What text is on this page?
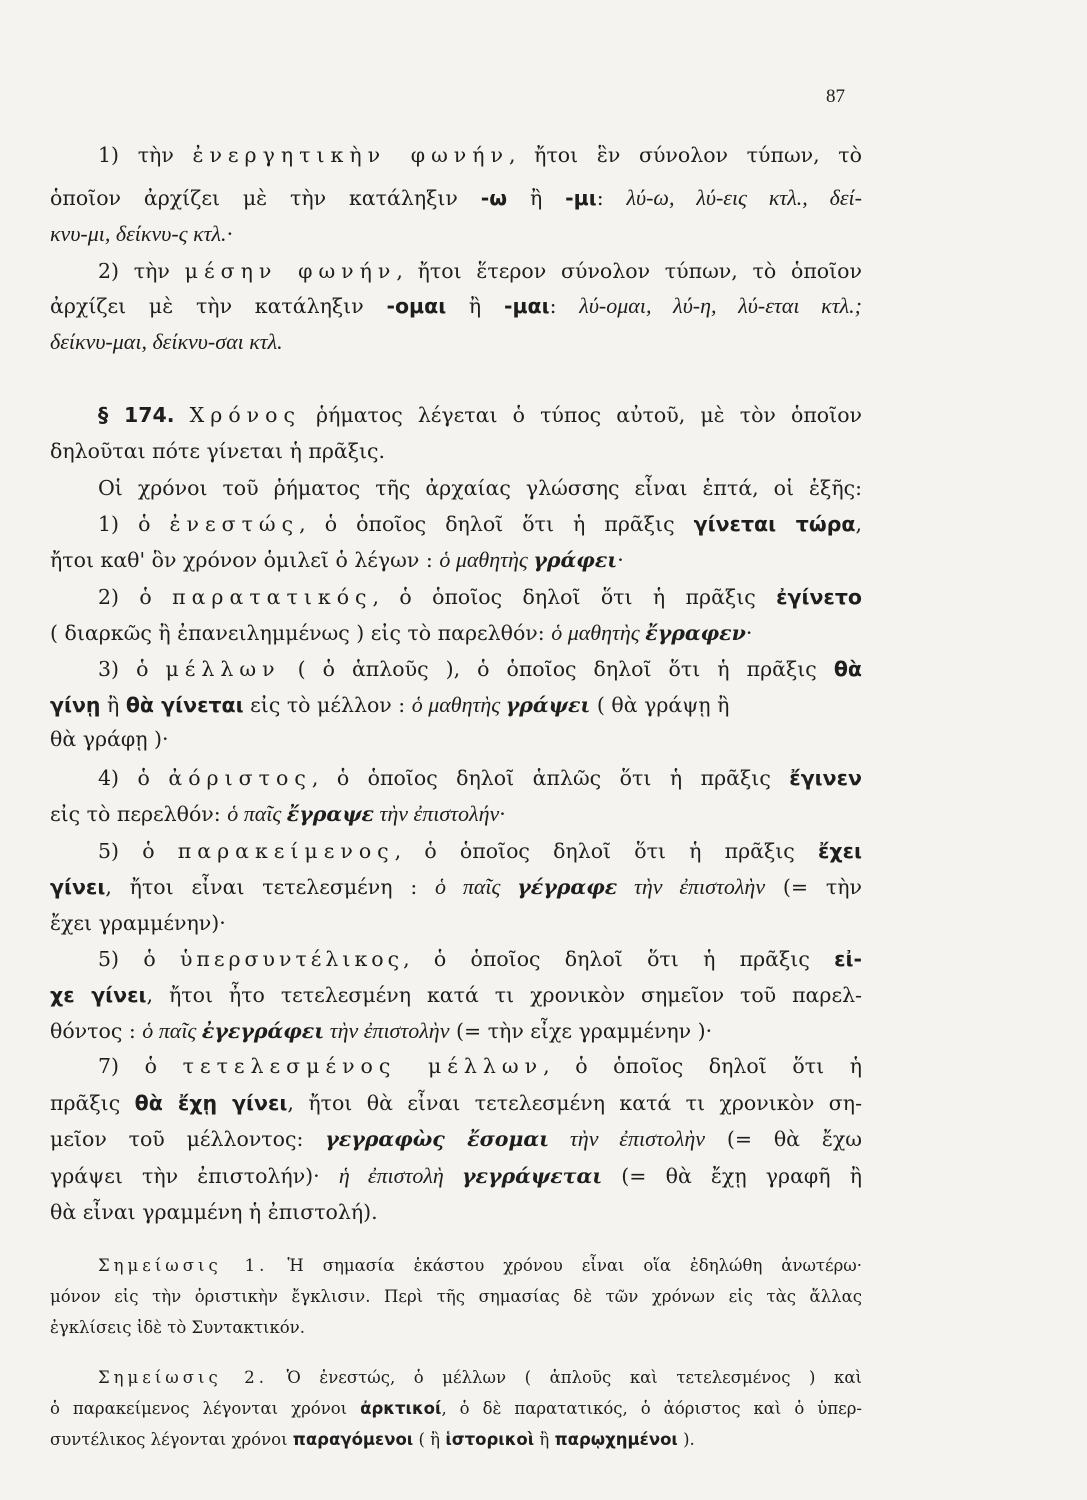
87
1) τὴν ἐνεργητικὴν φωνήν, ἤτοι ἓν σύνολον τύπων, τὸ
ὁποῖον ἀρχίζει μὲ τὴν κατάληξιν -ω ἢ -μι: λύ-ω, λύ-εις κτλ., δεί-
κνυ-μι, δείκνυ-ς κτλ.·
2) τὴν μέσην φωνήν, ἤτοι ἕτερον σύνολον τύπων, τὸ ὁποῖον
ἀρχίζει μὲ τὴν κατάληξιν -ομαι ἢ -μαι: λύ-ομαι, λύ-η, λύ-εται κτλ.;
δείκνυ-μαι, δείκνυ-σαι κτλ.
§ 174. Χρόνος ῥήματος λέγεται ὁ τύπος αὐτοῦ, μὲ τὸν ὁποῖον
δηλοῦται πότε γίνεται ἡ πρᾶξις.
Οἱ χρόνοι τοῦ ῥήματος τῆς ἀρχαίας γλώσσης εἶναι ἑπτά, οἱ ἑξῆς:
1) ὁ ἐνεστώς, ὁ ὁποῖος δηλοῖ ὅτι ἡ πρᾶξις γίνεται τώρα,
ἤτοι καθ' ὃν χρόνον ὁμιλεῖ ὁ λέγων : ὁ μαθητὴς γράφει·
2) ὁ παρατατικός, ὁ ὁποῖος δηλοῖ ὅτι ἡ πρᾶξις ἐγίνετο
( διαρκῶς ἢ ἐπανειλημμένως ) εἰς τὸ παρελθόν: ὁ μαθητὴς ἔγραφεν·
3) ὁ μέλλων ( ὁ ἁπλοῦς ), ὁ ὁποῖος δηλοῖ ὅτι ἡ πρᾶξις θὰ
γίνῃ ἢ θὰ γίνεται εἰς τὸ μέλλον : ὁ μαθητὴς γράψει ( θὰ γράψῃ ἢ
θὰ γράφῃ )·
4) ὁ ἀόριστος, ὁ ὁποῖος δηλοῖ ἁπλῶς ὅτι ἡ πρᾶξις ἔγινεν
εἰς τὸ περελθόν: ὁ παῖς ἔγραψε τὴν ἐπιστολήν·
5) ὁ παρακείμενος, ὁ ὁποῖος δηλοῖ ὅτι ἡ πρᾶξις ἔχει
γίνει, ἤτοι εἶναι τετελεσμένη : ὁ παῖς γέγραφε τὴν ἐπιστολὴν (= τὴν
ἔχει γραμμένην)·
5) ὁ ὑπερσυντέλικος, ὁ ὁποῖος δηλοῖ ὅτι ἡ πρᾶξις εἰ-
χε γίνει, ἤτοι ἦτο τετελεσμένη κατά τι χρονικὸν σημεῖον τοῦ παρελ-
θόντος : ὁ παῖς ἐγεγράφει τὴν ἐπιστολὴν (= τὴν εἶχε γραμμένην )·
7) ὁ τετελεσμένος μέλλων, ὁ ὁποῖος δηλοῖ ὅτι ἡ
πρᾶξις θὰ ἔχῃ γίνει, ἤτοι θὰ εἶναι τετελεσμένη κατά τι χρονικὸν ση-
μεῖον τοῦ μέλλοντος: γεγραφὼς ἔσομαι τὴν ἐπιστολὴν (= θὰ ἔχω
γράψει τὴν ἐπιστολήν)· ἡ ἐπιστολὴ γεγράψεται (= θὰ ἔχῃ γραφῆ ἢ
θὰ εἶναι γραμμένη ἡ ἐπιστολή).
Σημείωσις 1. Ἡ σημασία ἑκάστου χρόνου εἶναι οἵα ἐδηλώθη ἀνωτέρω·
μόνον εἰς τὴν ὁριστικὴν ἔγκλισιν. Περὶ τῆς σημασίας δὲ τῶν χρόνων εἰς τὰς ἄλλας
ἐγκλίσεις ἰδὲ τὸ Συντακτικόν.
Σημείωσις 2. Ὁ ἐνεστώς, ὁ μέλλων ( ἁπλοῦς καὶ τετελεσμένος ) καὶ
ὁ παρακείμενος λέγονται χρόνοι ἀρκτικοί, ὁ δὲ παρατατικός, ὁ ἀόριστος καὶ ὁ ὑπερ-
συντέλικος λέγονται χρόνοι παραγόμενοι ( ἢ ἱστορικοὶ ἢ παρῳχημένοι ).
